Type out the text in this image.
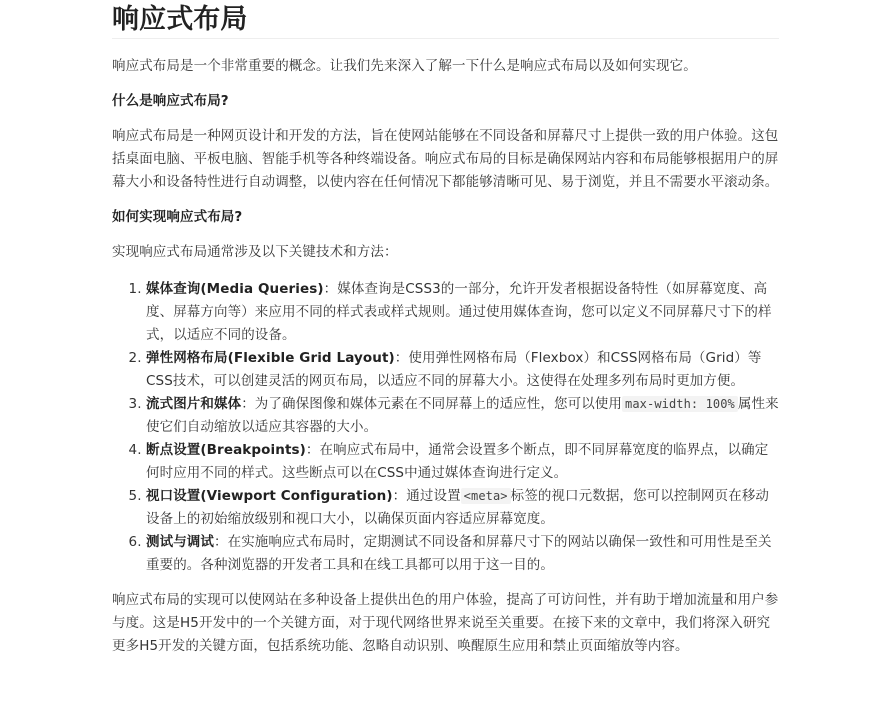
响应式布局

响应式布局是一个非常重要的概念。让我们先来深入了解一下什么是响应式布局以及如何实现它。

什么是响应式布局?

响应式布局是一种网页设计和开发的方法，旨在使网站能够在不同设备和屏幕尺寸上提供一致的用户体验。这包括桌面电脑、平板电脑、智能手机等各种终端设备。响应式布局的目标是确保网站内容和布局能够根据用户的屏幕大小和设备特性进行自动调整，以使内容在任何情况下都能够清晰可见、易于浏览，并且不需要水平滚动条。

如何实现响应式布局?

实现响应式布局通常涉及以下关键技术和方法：

1. 媒体查询(Media Queries)：媒体查询是CSS3的一部分，允许开发者根据设备特性（如屏幕宽度、高度、屏幕方向等）来应用不同的样式表或样式规则。通过使用媒体查询，您可以定义不同屏幕尺寸下的样式，以适应不同的设备。
2. 弹性网格布局(Flexible Grid Layout)：使用弹性网格布局（Flexbox）和CSS网格布局（Grid）等CSS技术，可以创建灵活的网页布局，以适应不同的屏幕大小。这使得在处理多列布局时更加方便。
3. 流式图片和媒体：为了确保图像和媒体元素在不同屏幕上的适应性，您可以使用 max-width: 100% 属性来使它们自动缩放以适应其容器的大小。
4. 断点设置(Breakpoints)：在响应式布局中，通常会设置多个断点，即不同屏幕宽度的临界点，以确定何时应用不同的样式。这些断点可以在CSS中通过媒体查询进行定义。
5. 视口设置(Viewport Configuration)：通过设置 <meta> 标签的视口元数据，您可以控制网页在移动设备上的初始缩放级别和视口大小，以确保页面内容适应屏幕宽度。
6. 测试与调试：在实施响应式布局时，定期测试不同设备和屏幕尺寸下的网站以确保一致性和可用性是至关重要的。各种浏览器的开发者工具和在线工具都可以用于这一目的。

响应式布局的实现可以使网站在多种设备上提供出色的用户体验，提高了可访问性，并有助于增加流量和用户参与度。这是H5开发中的一个关键方面，对于现代网络世界来说至关重要。在接下来的文章中，我们将深入研究更多H5开发的关键方面，包括系统功能、忽略自动识别、唤醒原生应用和禁止页面缩放等内容。
